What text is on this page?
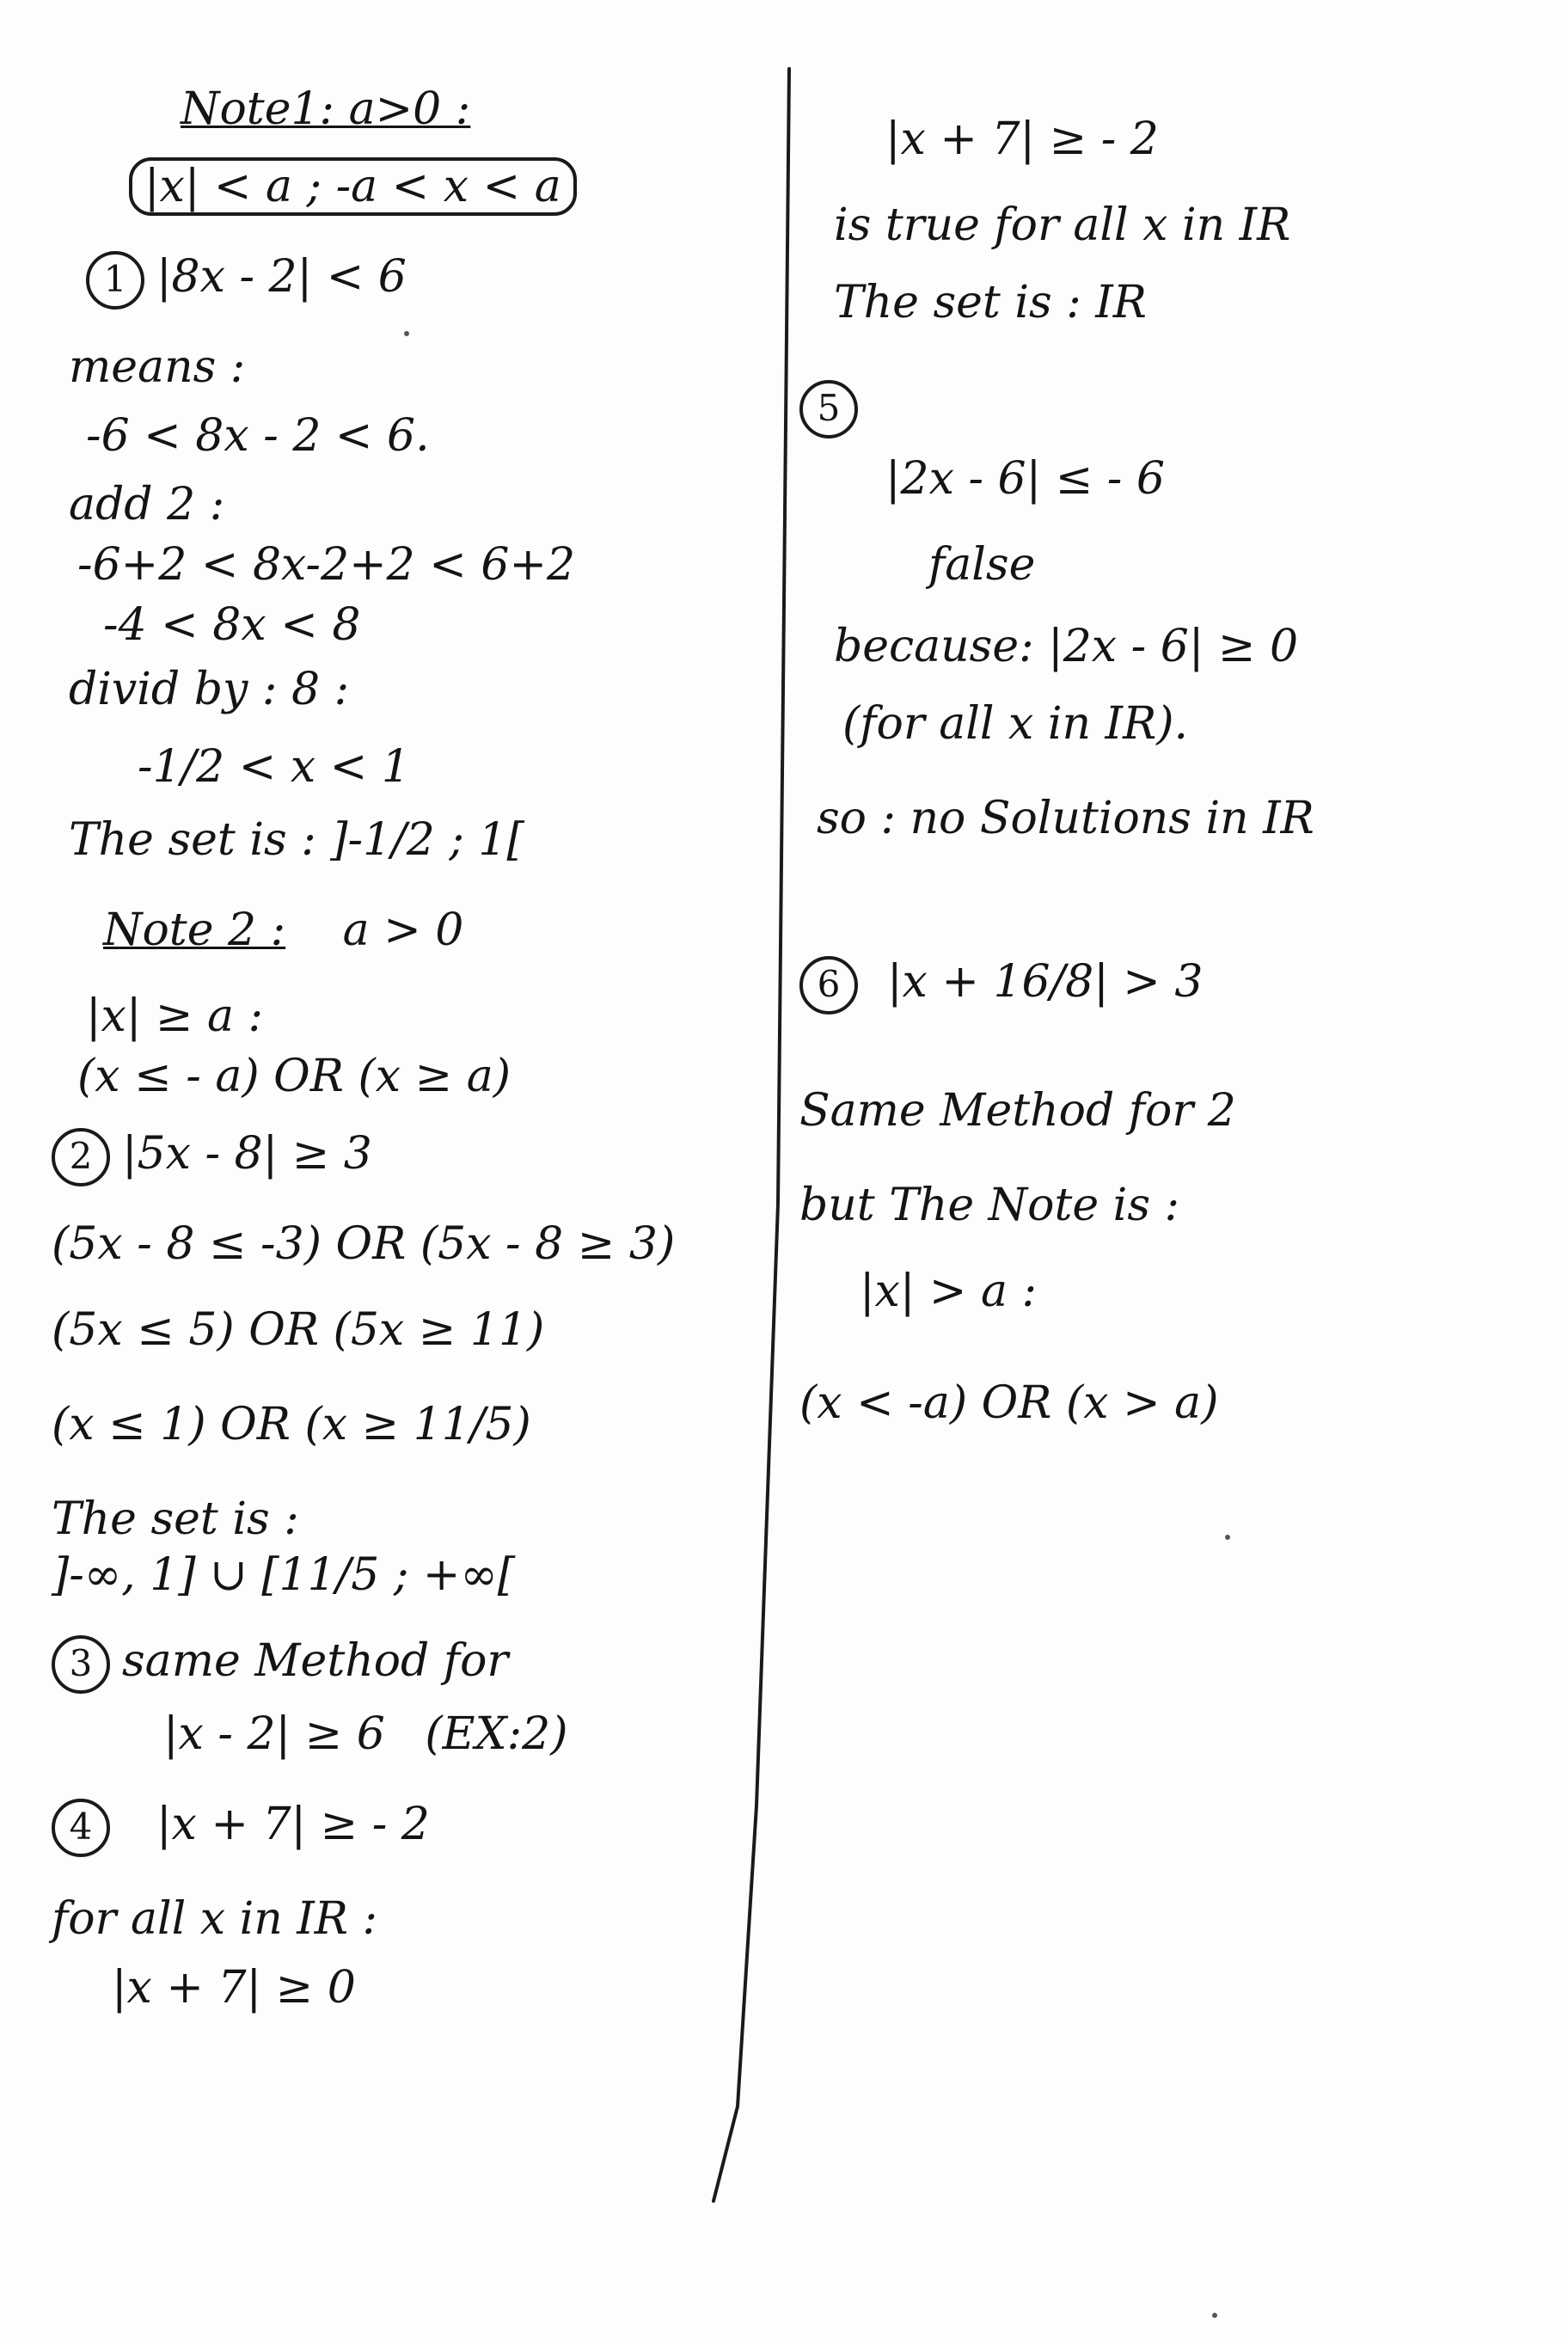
Note1: a>0 :
|x| < a ; -a < x < a
1 |8x - 2| < 6
means :
-6 < 8x - 2 < 6.
add 2 :
-6+2 < 8x-2+2 < 6+2
-4 < 8x < 8
divid by : 8 :
-1/2 < x < 1
The set is : ]-1/2 ; 1[
Note 2 : a > 0
|x| ≥ a :
(x ≤ - a) OR (x ≥ a)
2 |5x - 8| ≥ 3
(5x - 8 ≤ -3) OR (5x - 8 ≥ 3)
(5x ≤ 5) OR (5x ≥ 11)
(x ≤ 1) OR (x ≥ 11/5)
The set is :
]-∞, 1] ∪ [11/5 ; +∞[
3 same Method for
|x - 2| ≥ 6 (EX:2)
4 |x + 7| ≥ - 2
for all x in IR :
|x + 7| ≥ 0
|x + 7| ≥ - 2
is true for all x in IR
The set is : IR
5
|2x - 6| ≤ - 6
false
because: |2x - 6| ≥ 0
(for all x in IR).
so : no Solutions in IR
6 |x + 16/8| > 3
Same Method for 2
but The Note is :
|x| > a :
(x < -a) OR (x > a)
